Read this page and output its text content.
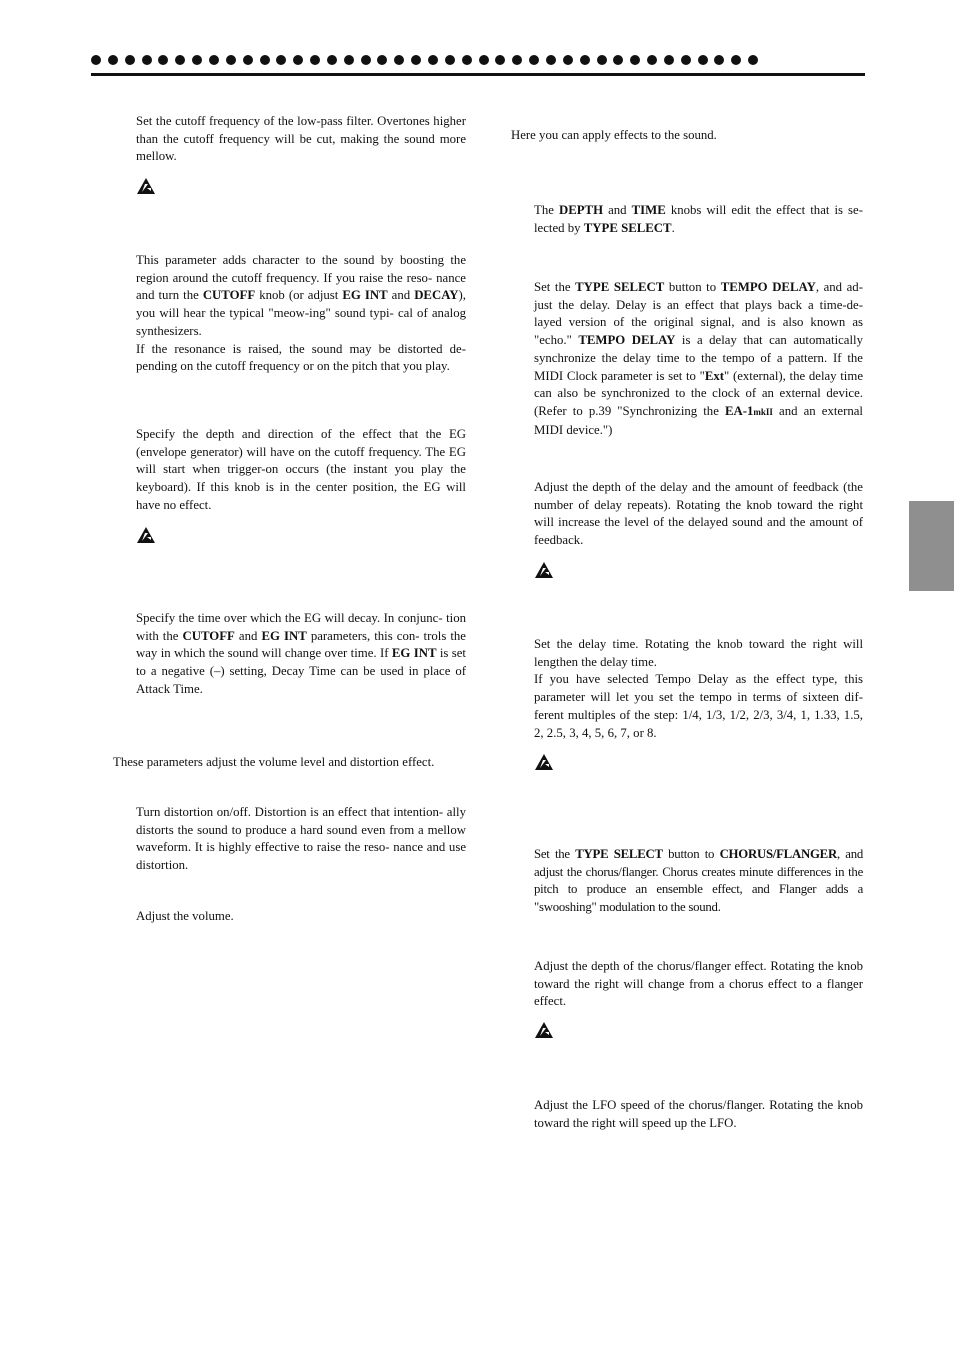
Set the cutoff frequency of the low-pass filter. Overtones higher than the cutoff frequency will be cut, making the sound more mellow.

This parameter adds character to the sound by boosting the region around the cutoff frequency. If you raise the reso- nance and turn the CUTOFF knob (or adjust EG INT and DECAY), you will hear the typical "meow-ing" sound typi- cal of analog synthesizers.
If the resonance is raised, the sound may be distorted de- pending on the cutoff frequency or on the pitch that you play.

Specify the depth and direction of the effect that the EG (envelope generator) will have on the cutoff frequency. The EG will start when trigger-on occurs (the instant you play the keyboard). If this knob is in the center position, the EG will have no effect.

Specify the time over which the EG will decay. In conjunc- tion with the CUTOFF and EG INT parameters, this con- trols the way in which the sound will change over time. If EG INT is set to a negative (–) setting, Decay Time can be used in place of Attack Time.

These parameters adjust the volume level and distortion effect.

Turn distortion on/off. Distortion is an effect that intention- ally distorts the sound to produce a hard sound even from a mellow waveform. It is highly effective to raise the reso- nance and use distortion.

Adjust the volume.

Here you can apply effects to the sound.

The DEPTH and TIME knobs will edit the effect that is se- lected by TYPE SELECT.

Set the TYPE SELECT button to TEMPO DELAY, and ad- just the delay. Delay is an effect that plays back a time-de- layed version of the original signal, and is also known as "echo." TEMPO DELAY is a delay that can automatically synchronize the delay time to the tempo of a pattern. If the MIDI Clock parameter is set to "Ext" (external), the delay time can also be synchronized to the clock of an external device. (Refer to p.39 "Synchronizing the EA-1mkII and an external MIDI device.")

Adjust the depth of the delay and the amount of feedback (the number of delay repeats). Rotating the knob toward the right will increase the level of the delayed sound and the amount of feedback.

Set the delay time. Rotating the knob toward the right will lengthen the delay time.
If you have selected Tempo Delay as the effect type, this parameter will let you set the tempo in terms of sixteen dif- ferent multiples of the step: 1/4, 1/3, 1/2, 2/3, 3/4, 1, 1.33, 1.5, 2, 2.5, 3, 4, 5, 6, 7, or 8.

Set the TYPE SELECT button to CHORUS/FLANGER, and adjust the chorus/flanger. Chorus creates minute differences in the pitch to produce an ensemble effect, and Flanger adds a "swooshing" modulation to the sound.

Adjust the depth of the chorus/flanger effect. Rotating the knob toward the right will change from a chorus effect to a flanger effect.

Adjust the LFO speed of the chorus/flanger. Rotating the knob toward the right will speed up the LFO.
